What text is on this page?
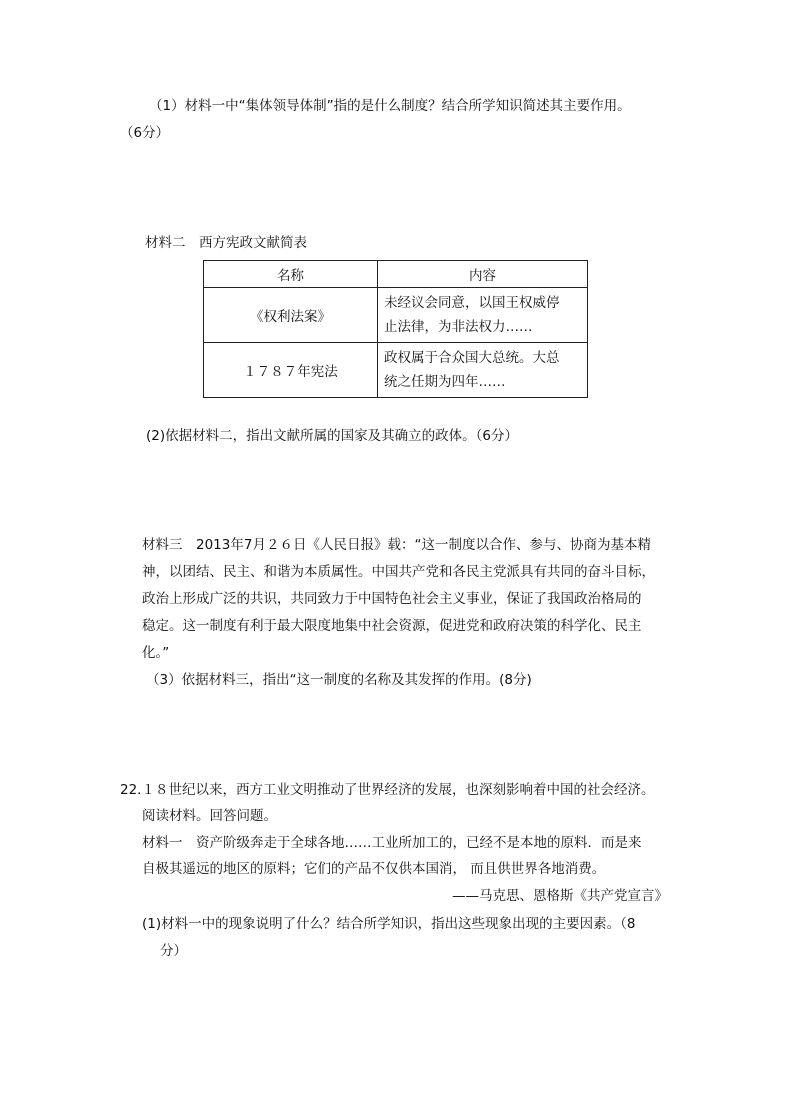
（1）材料一中“集体领导体制”指的是什么制度？结合所学知识简述其主要作用。
（6分）
材料二　西方宪政文献简表
名称	内容
《权利法案》	未经议会同意，以国王权威停
止法律，为非法权力……

１７８７年宪法	政权属于合众国大总统。大总
统之任期为四年……
(2)依据材料二，指出文献所属的国家及其确立的政体。（6分）
材料三　2013年7月２６日《人民日报》载：“这一制度以合作、参与、协商为基本精
神，以团结、民主、和谐为本质属性。中国共产党和各民主党派具有共同的奋斗目标，
政治上形成广泛的共识，共同致力于中国特色社会主义事业，保证了我国政治格局的
稳定。这一制度有利于最大限度地集中社会资源，促进党和政府决策的科学化、民主
化。”
（3）依据材料三，指出“这一制度的名称及其发挥的作用。(8分)
22.１８世纪以来，西方工业文明推动了世界经济的发展，也深刻影响着中国的社会经济。
阅读材料。回答问题。
材料一　资产阶级奔走于全球各地……工业所加工的，已经不是本地的原料．而是来
自极其遥远的地区的原料；它们的产品不仅供本国消， 而且供世界各地消费。
——马克思、恩格斯《共产党宣言》
(1)材料一中的现象说明了什么？结合所学知识，指出这些现象出现的主要因素。（8
分）
